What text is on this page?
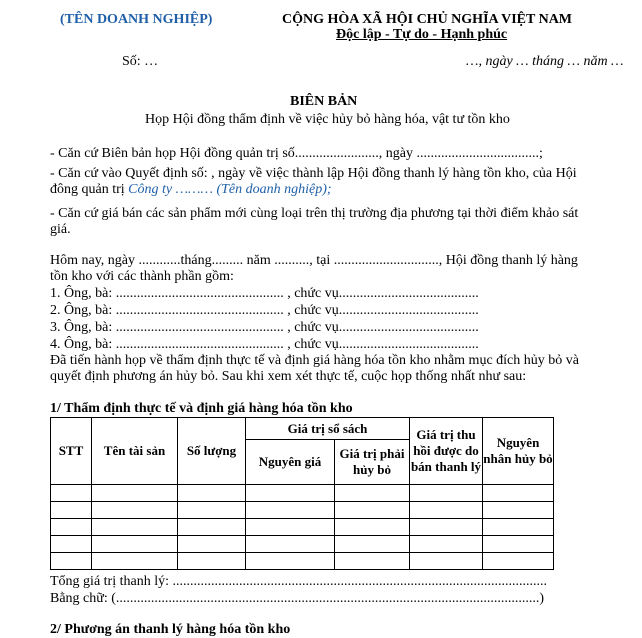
(TÊN DOANH NGHIỆP)	CỘNG HÒA XÃ HỘI CHỦ NGHĨA VIỆT NAM
Độc lập - Tự do - Hạnh phúc
Số: …	…, ngày … tháng … năm …
BIÊN BẢN
Họp Hội đồng thẩm định về việc hủy bỏ hàng hóa, vật tư tồn kho
- Căn cứ Biên bản họp Hội đồng quản trị số........................, ngày ...................................;
- Căn cứ vào Quyết định số: , ngày về việc thành lập Hội đồng thanh lý hàng tồn kho, của Hội
đông quản trị Công ty ……… (Tên doanh nghiệp);
- Căn cứ giá bán các sản phẩm mới cùng loại trên thị trường địa phương tại thời điểm khảo sát
giá.
Hôm nay, ngày ............tháng......... năm .........., tại .............................., Hội đồng thanh lý hàng
tồn kho với các thành phần gồm:
1. Ông, bà: ................................................ , chức vụ........................................
2. Ông, bà: ................................................ , chức vụ........................................
3. Ông, bà: ................................................ , chức vụ........................................
4. Ông, bà: ................................................ , chức vụ........................................
Đã tiến hành họp về thẩm định thực tế và định giá hàng hóa tồn kho nhằm mục đích hủy bỏ và
quyết định phương án hủy bỏ. Sau khi xem xét thực tế, cuộc họp thống nhất như sau:
1/ Thẩm định thực tế và định giá hàng hóa tồn kho
STT	Tên tài sản	Số lượng	Giá trị sổ sách		Giá trị thu hồi được do bán thanh lý	Nguyên nhân hủy bỏ
			Nguyên giá	Giá trị phải hủy bỏ		

Tổng giá trị thanh lý: ...........................................................................................................
Bằng chữ: (.........................................................................................................................)
2/ Phương án thanh lý hàng hóa tồn kho
